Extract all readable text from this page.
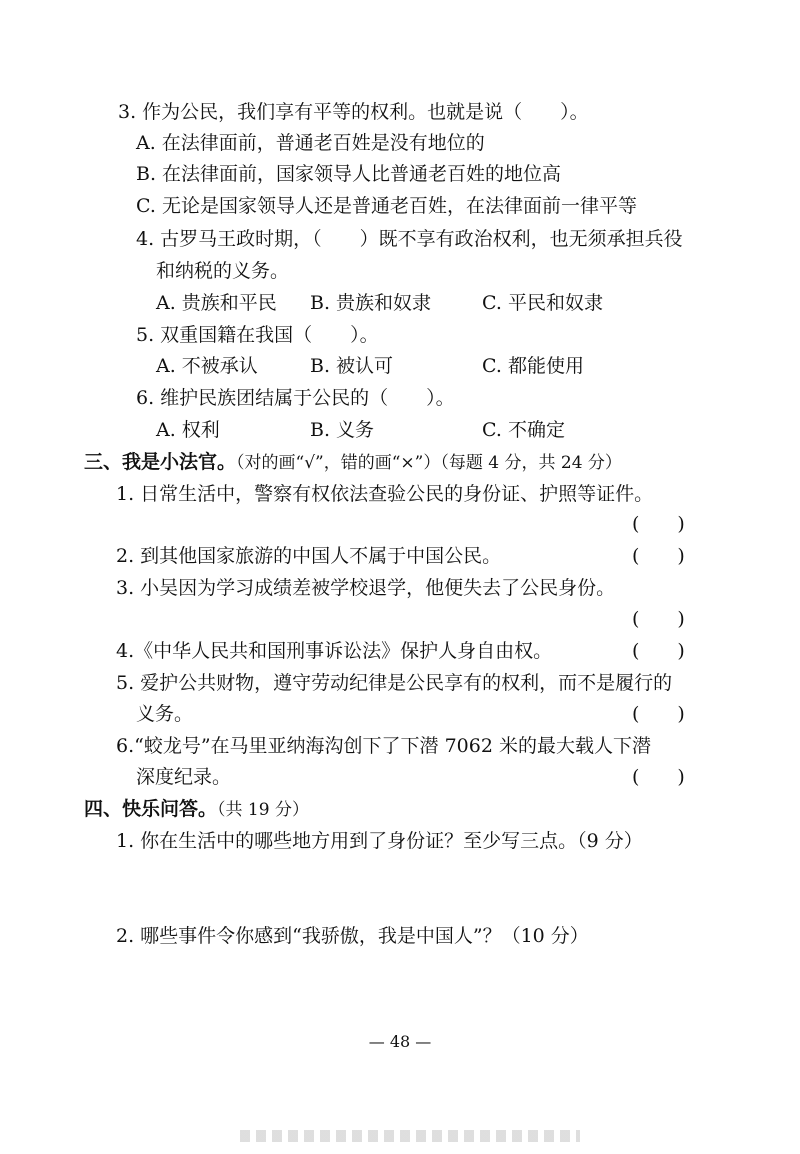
3. 作为公民，我们享有平等的权利。也就是说（　　）。
A. 在法律面前，普通老百姓是没有地位的
B. 在法律面前，国家领导人比普通老百姓的地位高
C. 无论是国家领导人还是普通老百姓，在法律面前一律平等
4. 古罗马王政时期，（　　）既不享有政治权利，也无须承担兵役
和纳税的义务。
A. 贵族和平民 B. 贵族和奴隶	C. 平民和奴隶
5. 双重国籍在我国（　　）。
A. 不被承认	B. 被认可	C. 都能使用
6. 维护民族团结属于公民的（　　）。
A. 权利	B. 义务	C. 不确定
三、我是小法官。（对的画“√”，错的画“×”）（每题 4 分，共 24 分）
1. 日常生活中，警察有权依法查验公民的身份证、护照等证件。
(　　)
2. 到其他国家旅游的中国人不属于中国公民。	(　　)
3. 小吴因为学习成绩差被学校退学，他便失去了公民身份。
(　　)
4.《中华人民共和国刑事诉讼法》保护人身自由权。	(　　)
5. 爱护公共财物，遵守劳动纪律是公民享有的权利，而不是履行的
义务。	(　　)
6.“蛟龙号”在马里亚纳海沟创下了下潜 7062 米的最大载人下潜
深度纪录。	(　　)
四、快乐问答。（共 19 分）
1. 你在生活中的哪些地方用到了身份证？至少写三点。（9 分）
2. 哪些事件令你感到“我骄傲，我是中国人”？（10 分）
— 48 —
